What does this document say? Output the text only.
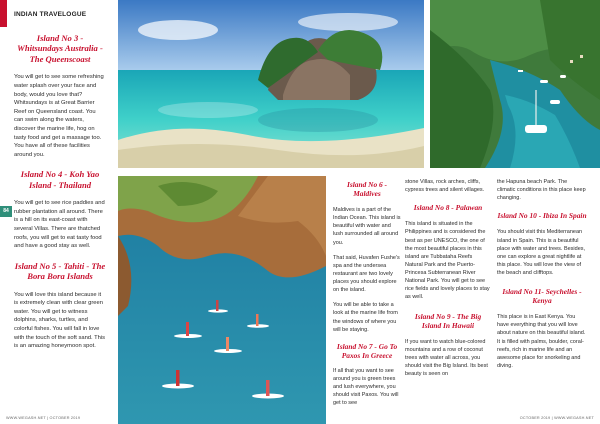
INDIAN TRAVELOGUE
84
Island No 3 - Whitsundays Australia - The Queenscoast
You will get to see some refreshing water splash over your face and body, would you love that? Whitsundays is at Great Barrier Reef on Queensland coast. You can swim along the waters, discover the marine life, hog on tasty food and get a massage too. You have all of these facilities around you.
Island No 4 - Koh Yao Island - Thailand
You will get to see rice paddies and rubber plantation all around. There is a hill on its east-coast with several Villas. There are thatched roofs, you will get to eat tasty food and have a good stay as well.
Island No 5 - Tahiti - The Bora Bora Islands
You will love this island because it is extremely clean with clear green water. You will get to witness dolphins, sharks, turtles, and colorful fishes. You will fall in love with the touch of the soft sand. This is an amazing honeymoon spot.
Island No 6 - Maldives
Maldives is a part of the Indian Ocean. This island is beautiful with water and lush surrounded all around you.
That said, Huvafen Fushe's spa and the undersea restaurant are two lovely places you should explore on the island.
You will be able to take a look at the marine life from the windows of where you will be staying.
Island No 7 - Go To Paxos In Greece
If all that you want to see around you is green trees and lush everywhere, you should visit Paxos. You will get to see
stone Villas, rock arches, cliffs, cypress trees and silent villages.
Island No 8 - Palawan
This island is situated in the Philippines and is considered the best as per UNESCO, the one of the most beautiful places in this island are Tubbataha Reefs Natural Park and the Puerto-Princesa Subterranean River National Park. You will get to see rice fields and lovely places to stay as well.
Island No 9 - The Big Island In Hawaii
If you want to watch blue-colored mountains and a row of coconut trees with water all across, you should visit the Big Island. Its best beauty is seen on
the Hapuna beach Park. The climatic conditions in this place keep changing.
Island No 10 - Ibiza In Spain
You should visit this Mediterranean island in Spain. This is a beautiful place with water and trees. Besides, one can explore a great nightlife at this place. You will love the view of the beach and clifftops.
Island No 11- Seychelles - Kenya
This place is in East Kenya. You have everything that you will love about nature on this beautiful island. It is filled with palms, boulder, coral-reefs, rich in marine life and an awesome place for snorkeling and diving.
WWW.WEGASH.NET | OCTOBER 2019	OCTOBER 2019 | WWW.WEGASH.NET
